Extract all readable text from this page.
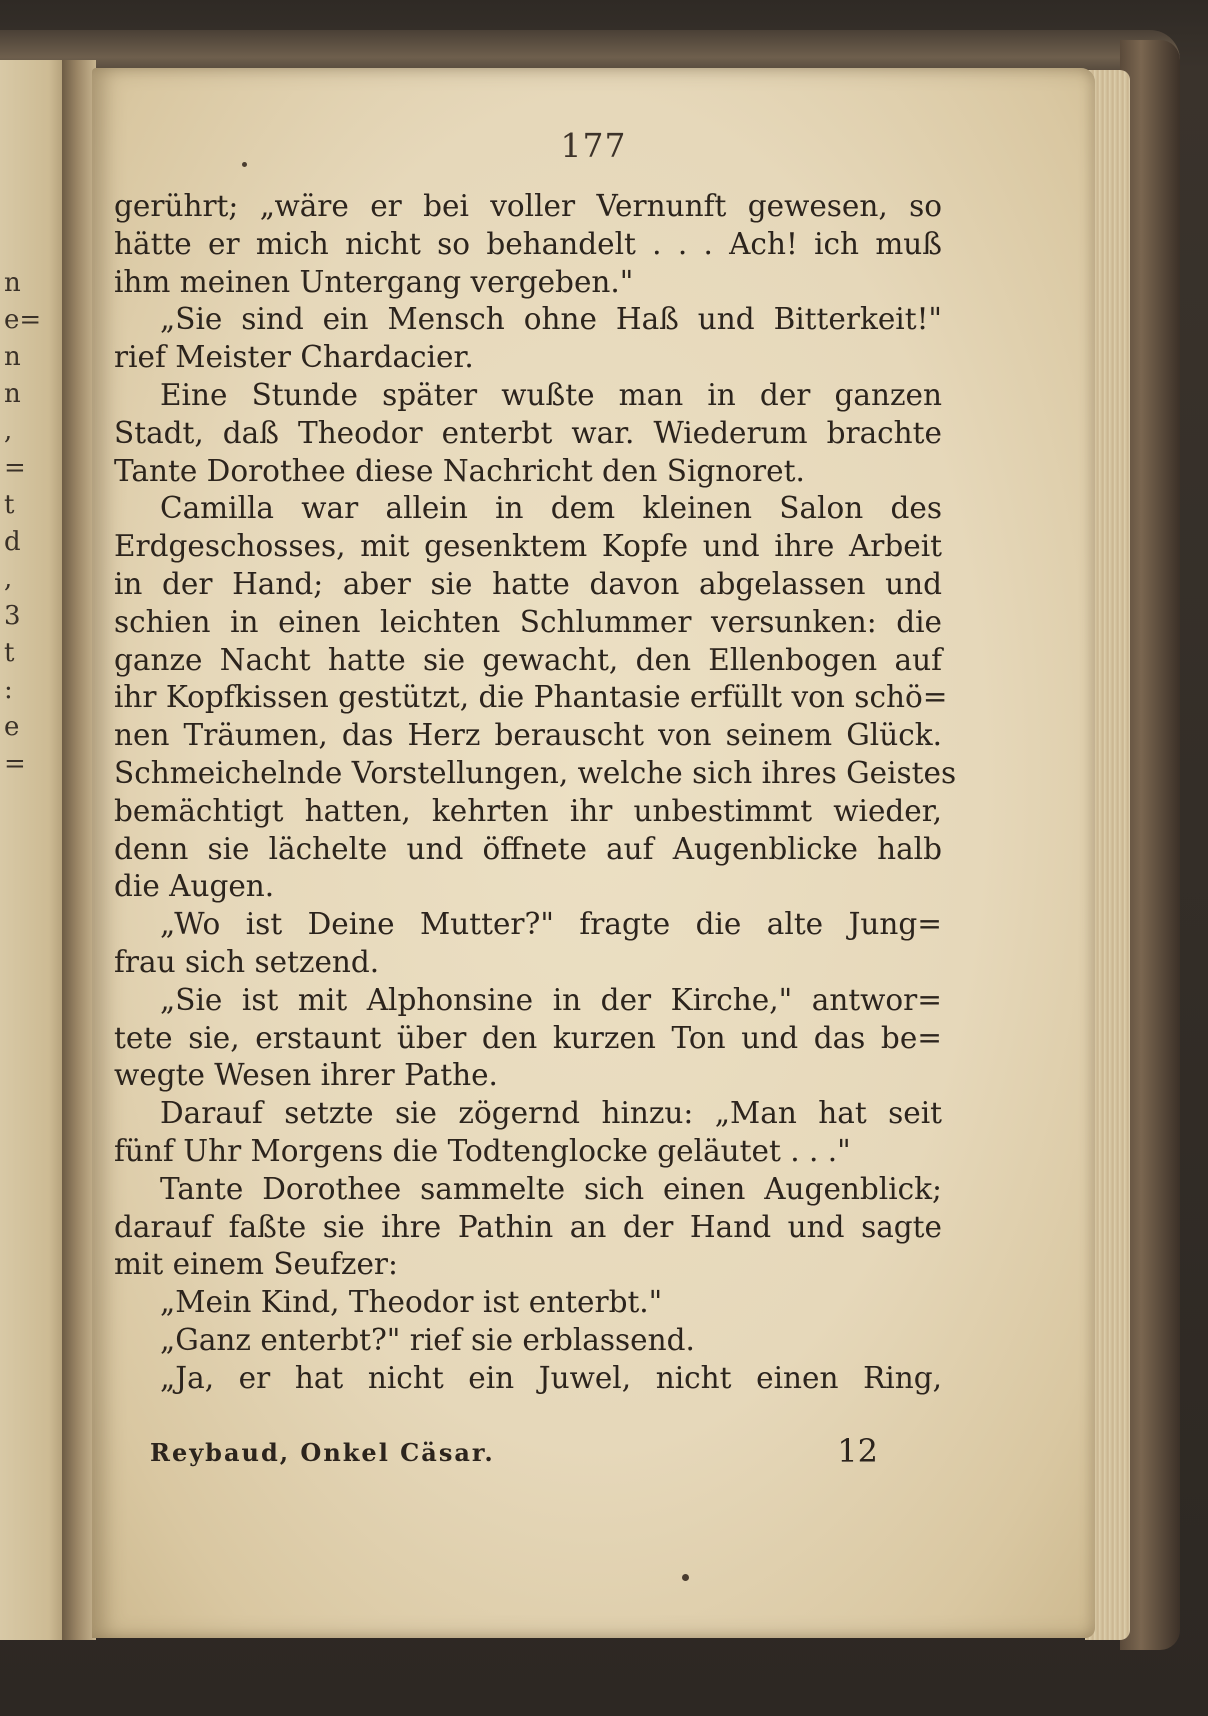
n
e=
n
n
,
=
t
d
,
3
t
:
e
=
177
gerührt; „wäre er bei voller Vernunft gewesen, so
hätte er mich nicht so behandelt . . . Ach! ich muß
ihm meinen Untergang vergeben."
„Sie sind ein Mensch ohne Haß und Bitterkeit!"
rief Meister Chardacier.
Eine Stunde später wußte man in der ganzen
Stadt, daß Theodor enterbt war. Wiederum brachte
Tante Dorothee diese Nachricht den Signoret.
Camilla war allein in dem kleinen Salon des
Erdgeschosses, mit gesenktem Kopfe und ihre Arbeit
in der Hand; aber sie hatte davon abgelassen und
schien in einen leichten Schlummer versunken: die
ganze Nacht hatte sie gewacht, den Ellenbogen auf
ihr Kopfkissen gestützt, die Phantasie erfüllt von schö=
nen Träumen, das Herz berauscht von seinem Glück.
Schmeichelnde Vorstellungen, welche sich ihres Geistes
bemächtigt hatten, kehrten ihr unbestimmt wieder,
denn sie lächelte und öffnete auf Augenblicke halb
die Augen.
„Wo ist Deine Mutter?" fragte die alte Jung=
frau sich setzend.
„Sie ist mit Alphonsine in der Kirche," antwor=
tete sie, erstaunt über den kurzen Ton und das be=
wegte Wesen ihrer Pathe.
Darauf setzte sie zögernd hinzu: „Man hat seit
fünf Uhr Morgens die Todtenglocke geläutet . . ."
Tante Dorothee sammelte sich einen Augenblick;
darauf faßte sie ihre Pathin an der Hand und sagte
mit einem Seufzer:
„Mein Kind, Theodor ist enterbt."
„Ganz enterbt?" rief sie erblassend.
„Ja, er hat nicht ein Juwel, nicht einen Ring,
Reybaud, Onkel Cäsar.	12
